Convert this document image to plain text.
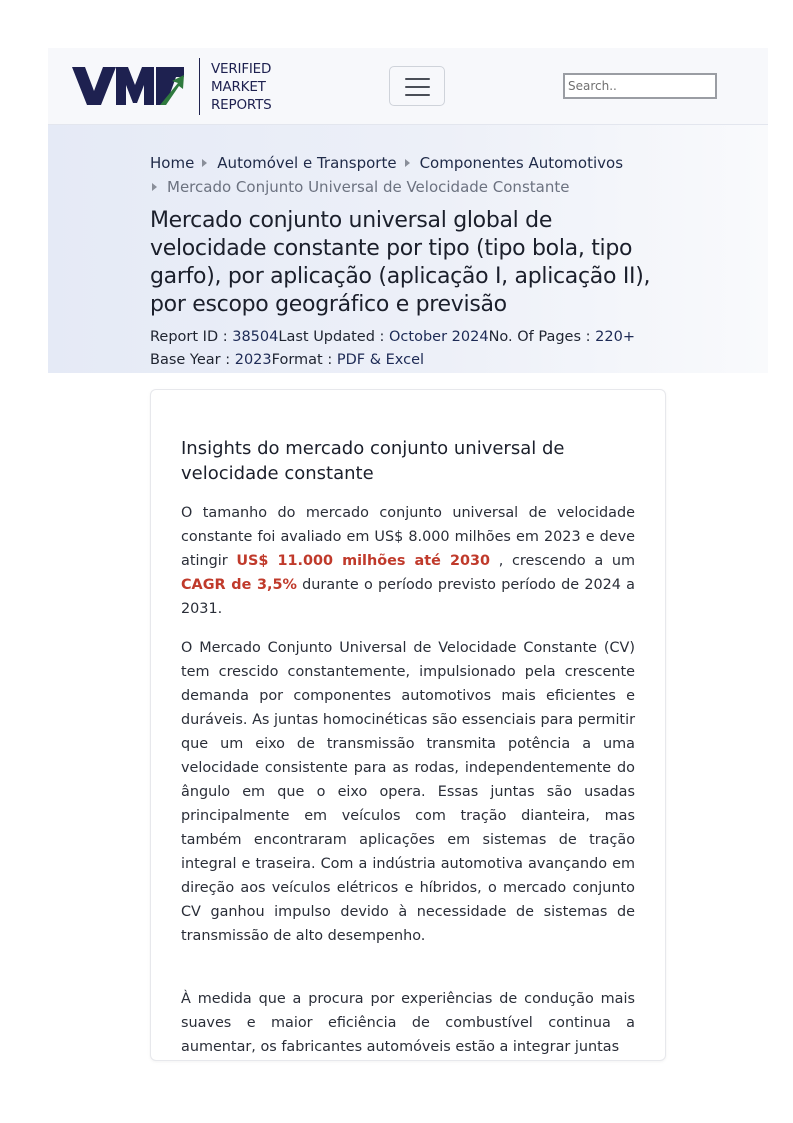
VERIFIED
MARKET
REPORTS
Search..
Home Automóvel e Transporte Componentes Automotivos
Mercado Conjunto Universal de Velocidade Constante
Mercado conjunto universal global de velocidade constante por tipo (tipo bola, tipo garfo), por aplicação (aplicação I, aplicação II), por escopo geográfico e previsão
Report ID : 38504Last Updated : October 2024No. Of Pages : 220+
Base Year : 2023Format : PDF & Excel
Insights do mercado conjunto universal de velocidade constante

O tamanho do mercado conjunto universal de velocidade constante foi avaliado em US$ 8.000 milhões em 2023 e deve atingir US$ 11.000 milhões até 2030 , crescendo a um CAGR de 3,5% durante o período previsto período de 2024 a 2031.

O Mercado Conjunto Universal de Velocidade Constante (CV) tem crescido constantemente, impulsionado pela crescente demanda por componentes automotivos mais eficientes e duráveis. As juntas homocinéticas são essenciais para permitir que um eixo de transmissão transmita potência a uma velocidade consistente para as rodas, independentemente do ângulo em que o eixo opera. Essas juntas são usadas principalmente em veículos com tração dianteira, mas também encontraram aplicações em sistemas de tração integral e traseira. Com a indústria automotiva avançando em direção aos veículos elétricos e híbridos, o mercado conjunto CV ganhou impulso devido à necessidade de sistemas de transmissão de alto desempenho.

À medida que a procura por experiências de condução mais suaves e maior eficiência de combustível continua a aumentar, os fabricantes automóveis estão a integrar juntas
